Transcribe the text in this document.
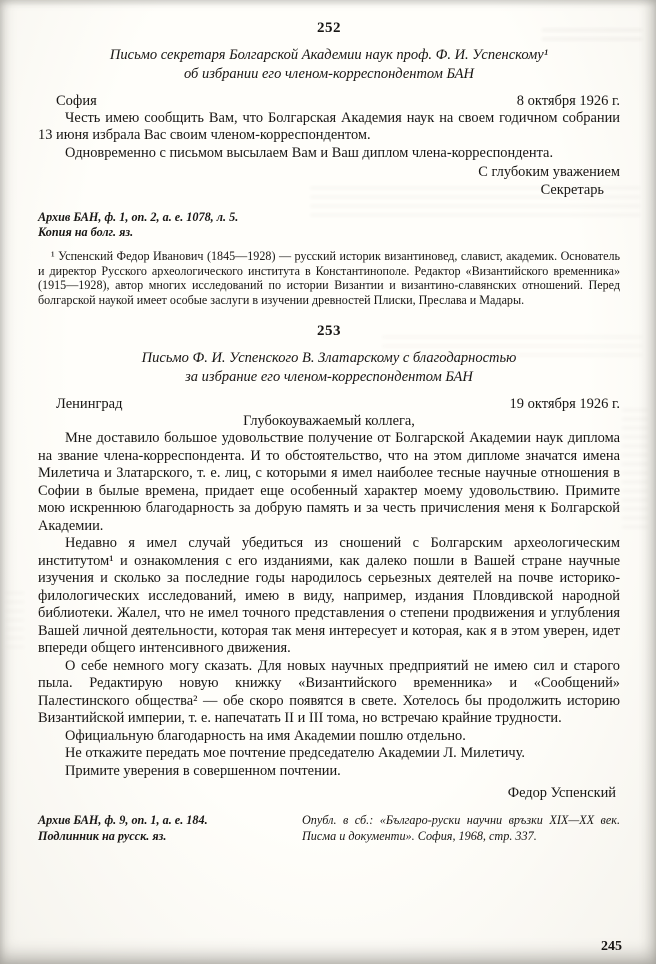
252
Письмо секретаря Болгарской Академии наук проф. Ф. И. Успенскому¹
об избрании его членом-корреспондентом БАН
София	8 октября 1926 г.

Честь имею сообщить Вам, что Болгарская Академия наук на своем годичном собрании 13 июня избрала Вас своим членом-корреспондентом.

Одновременно с письмом высылаем Вам и Ваш диплом члена-корреспондента.

С глубоким уважением
Секретарь
Архив БАН, ф. 1, оп. 2, а. е. 1078, л. 5.
Копия на болг. яз.

¹ Успенский Федор Иванович (1845—1928) — русский историк византиновед, славист, академик. Основатель и директор Русского археологического института в Константинополе. Редактор «Византийского временника» (1915—1928), автор многих исследований по истории Византии и византино-славянских отношений. Перед болгарской наукой имеет особые заслуги в изучении древностей Плиски, Преслава и Мадары.

253
Письмо Ф. И. Успенского В. Златарскому с благодарностью
за избрание его членом-корреспондентом БАН
Ленинград	19 октября 1926 г.
Глубокоуважаемый коллега,

Мне доставило большое удовольствие получение от Болгарской Академии наук диплома на звание члена-корреспондента. И то обстоятельство, что на этом дипломе значатся имена Милетича и Златарского, т. е. лиц, с которыми я имел наиболее тесные научные отношения в Софии в былые времена, придает еще особенный характер моему удовольствию. Примите мою искреннюю благодарность за добрую память и за честь причисления меня к Болгарской Академии.

Недавно я имел случай убедиться из сношений с Болгарским археологическим институтом¹ и ознакомления с его изданиями, как далеко пошли в Вашей стране научные изучения и сколько за последние годы народилось серьезных деятелей на почве историко-филологических исследований, имею в виду, например, издания Пловдивской народной библиотеки. Жалел, что не имел точного представления о степени продвижения и углубления Вашей личной деятельности, которая так меня интересует и которая, как я в этом уверен, идет впереди общего интенсивного движения.

О себе немного могу сказать. Для новых научных предприятий не имею сил и старого пыла. Редактирую новую книжку «Византийского временника» и «Сообщений» Палестинского общества² — обе скоро появятся в свете. Хотелось бы продолжить историю Византийской империи, т. е. напечатать II и III тома, но встречаю крайние трудности.

Официальную благодарность на имя Академии пошлю отдельно.

Не откажите передать мое почтение председателю Академии Л. Милетичу.

Примите уверения в совершенном почтении.

Федор Успенский
Архив БАН, ф. 9, оп. 1, а. е. 184.
Подлинник на русск. яз.
Опубл. в сб.: «Българо-руски научни връзки XIX—XX век. Писма и документи». София, 1968, стр. 337.
245
